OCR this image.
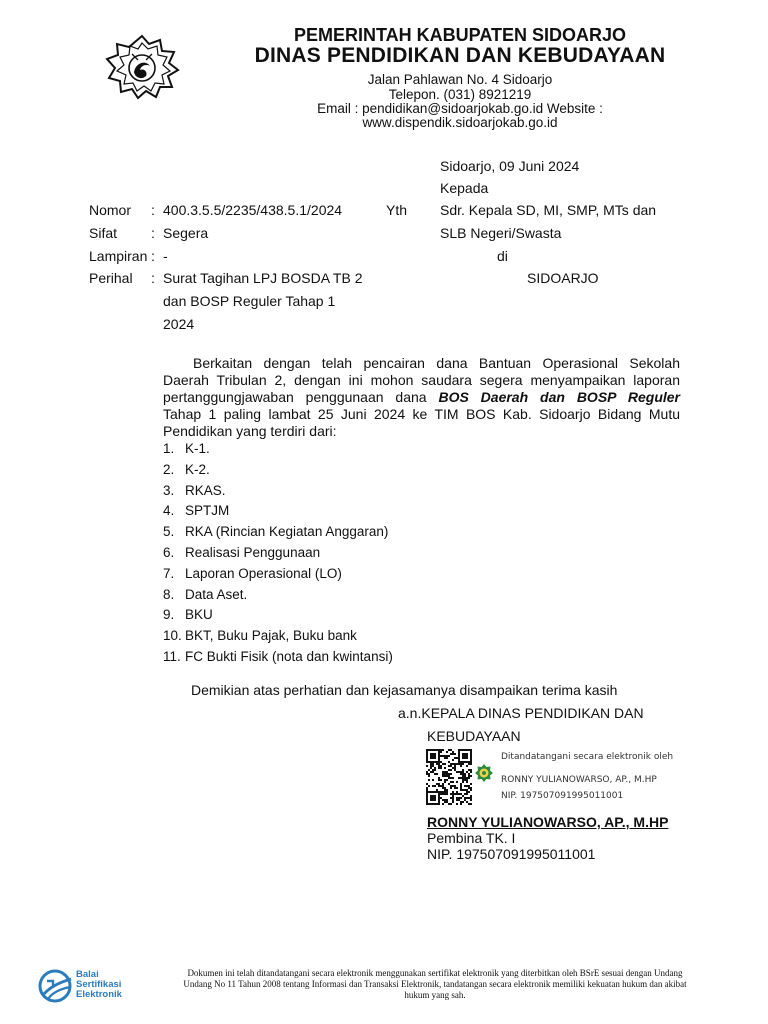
PEMERINTAH KABUPATEN SIDOARJO
DINAS PENDIDIKAN DAN KEBUDAYAAN
Jalan Pahlawan No. 4 Sidoarjo
Telepon. (031) 8921219
Email : pendidikan@sidoarjokab.go.id Website :
www.dispendik.sidoarjokab.go.id
Sidoarjo, 09 Juni 2024
Kepada
Yth Sdr. Kepala SD, MI, SMP, MTs dan
SLB Negeri/Swasta
di
SIDOARJO
Nomor : 400.3.5.5/2235/438.5.1/2024
Sifat : Segera
Lampiran : -
Perihal : Surat Tagihan LPJ BOSDA TB 2
dan BOSP Reguler Tahap 1
2024
Berkaitan dengan telah pencairan dana Bantuan Operasional Sekolah
Daerah Tribulan 2, dengan ini mohon saudara segera menyampaikan laporan
pertanggungjawaban penggunaan dana BOS Daerah dan BOSP Reguler
Tahap 1 paling lambat 25 Juni 2024 ke TIM BOS Kab. Sidoarjo Bidang Mutu
Pendidikan yang terdiri dari:
1. K-1.
2. K-2.
3. RKAS.
4. SPTJM
5. RKA (Rincian Kegiatan Anggaran)
6. Realisasi Penggunaan
7. Laporan Operasional (LO)
8. Data Aset.
9. BKU
10. BKT, Buku Pajak, Buku bank
11. FC Bukti Fisik (nota dan kwintansi)
Demikian atas perhatian dan kejasamanya disampaikan terima kasih
a.n.KEPALA DINAS PENDIDIKAN DAN
KEBUDAYAAN
Ditandatangani secara elektronik oleh
RONNY YULIANOWARSO, AP., M.HP
NIP. 197507091995011001
RONNY YULIANOWARSO, AP., M.HP
Pembina TK. I
NIP. 197507091995011001
Balai
Sertifikasi
Elektronik
Dokumen ini telah ditandatangani secara elektronik menggunakan sertifikat elektronik yang diterbitkan oleh BSrE sesuai dengan Undang
Undang No 11 Tahun 2008 tentang Informasi dan Transaksi Elektronik, tandatangan secara elektronik memiliki kekuatan hukum dan akibat
hukum yang sah.
